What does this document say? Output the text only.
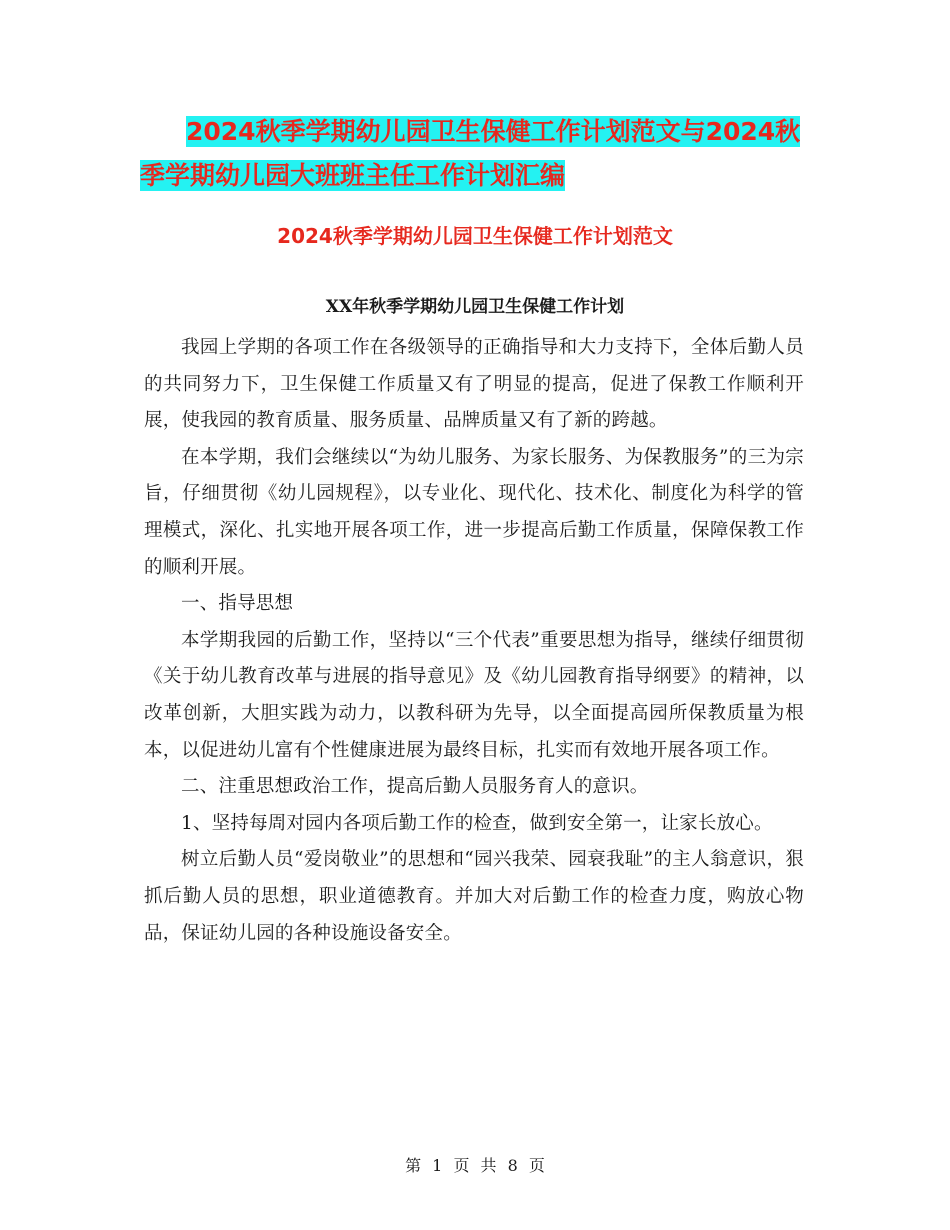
2024秋季学期幼儿园卫生保健工作计划范文与2024秋
季学期幼儿园大班班主任工作计划汇编
2024秋季学期幼儿园卫生保健工作计划范文
XX年秋季学期幼儿园卫生保健工作计划

我园上学期的各项工作在各级领导的正确指导和大力支持下，全体后勤人员的共同努力下，卫生保健工作质量又有了明显的提高，促进了保教工作顺利开展，使我园的教育质量、服务质量、品牌质量又有了新的跨越。

在本学期，我们会继续以“为幼儿服务、为家长服务、为保教服务”的三为宗旨，仔细贯彻《幼儿园规程》，以专业化、现代化、技术化、制度化为科学的管理模式，深化、扎实地开展各项工作，进一步提高后勤工作质量，保障保教工作的顺利开展。

一、指导思想

本学期我园的后勤工作，坚持以“三个代表”重要思想为指导，继续仔细贯彻《关于幼儿教育改革与进展的指导意见》及《幼儿园教育指导纲要》的精神，以改革创新，大胆实践为动力，以教科研为先导，以全面提高园所保教质量为根本，以促进幼儿富有个性健康进展为最终目标，扎实而有效地开展各项工作。

二、注重思想政治工作，提高后勤人员服务育人的意识。

1、坚持每周对园内各项后勤工作的检查，做到安全第一，让家长放心。

树立后勤人员“爱岗敬业”的思想和“园兴我荣、园衰我耻”的主人翁意识，狠抓后勤人员的思想，职业道德教育。并加大对后勤工作的检查力度，购放心物品，保证幼儿园的各种设施设备安全。

第 1 页 共 8 页
